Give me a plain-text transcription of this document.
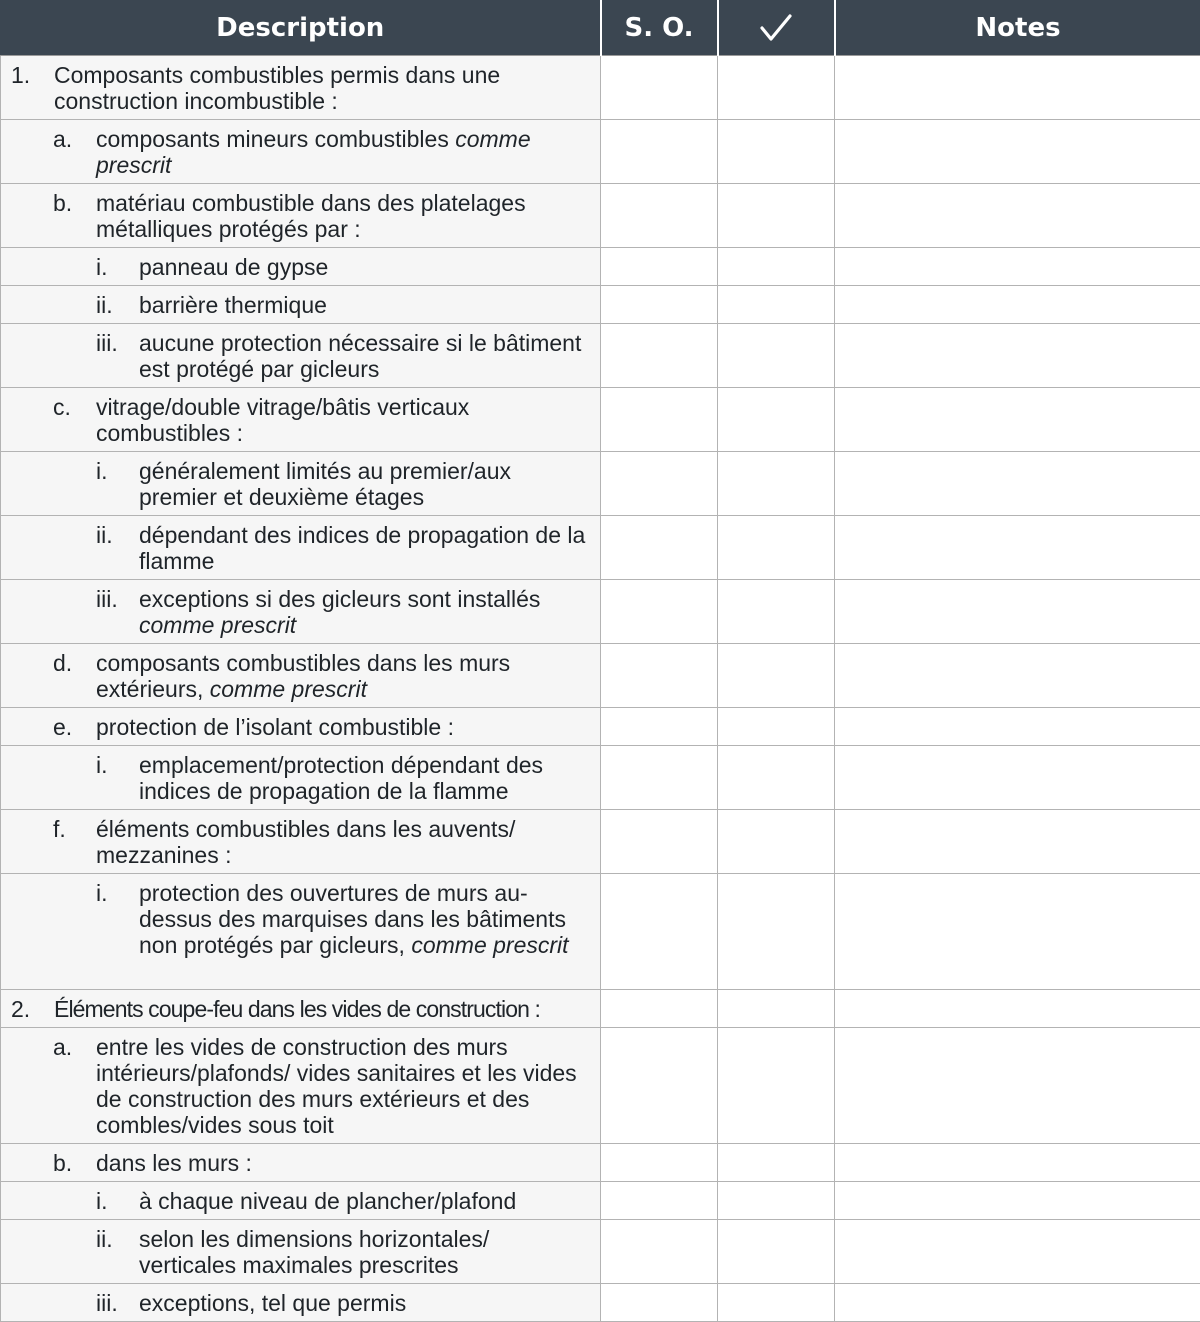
Description	S. O.		Notes

1. Composants combustibles permis dans une construction incombustible :			

a. composants mineurs combustibles comme prescrit			

b. matériau combustible dans des platelages métalliques protégés par :			

i. panneau de gypse			

ii. barrière thermique			

iii. aucune protection nécessaire si le bâtiment est protégé par gicleurs			

c. vitrage/double vitrage/bâtis verticaux combustibles :			

i. généralement limités au premier/aux premier et deuxième étages			

ii. dépendant des indices de propagation de la flamme			

iii. exceptions si des gicleurs sont installés comme prescrit			

d. composants combustibles dans les murs extérieurs, comme prescrit			

e. protection de l’isolant combustible :			

i. emplacement/protection dépendant des indices de propagation de la flamme			

f. éléments combustibles dans les auvents/ mezzanines :			

i. protection des ouvertures de murs au-dessus des marquises dans les bâtiments non protégés par gicleurs, comme prescrit			

2. Éléments coupe-feu dans les vides de construction :			

a. entre les vides de construction des murs intérieurs/plafonds/ vides sanitaires et les vides de construction des murs extérieurs et des combles/vides sous toit			

b. dans les murs :			

i. à chaque niveau de plancher/plafond			

ii. selon les dimensions horizontales/ verticales maximales prescrites			

iii. exceptions, tel que permis			
